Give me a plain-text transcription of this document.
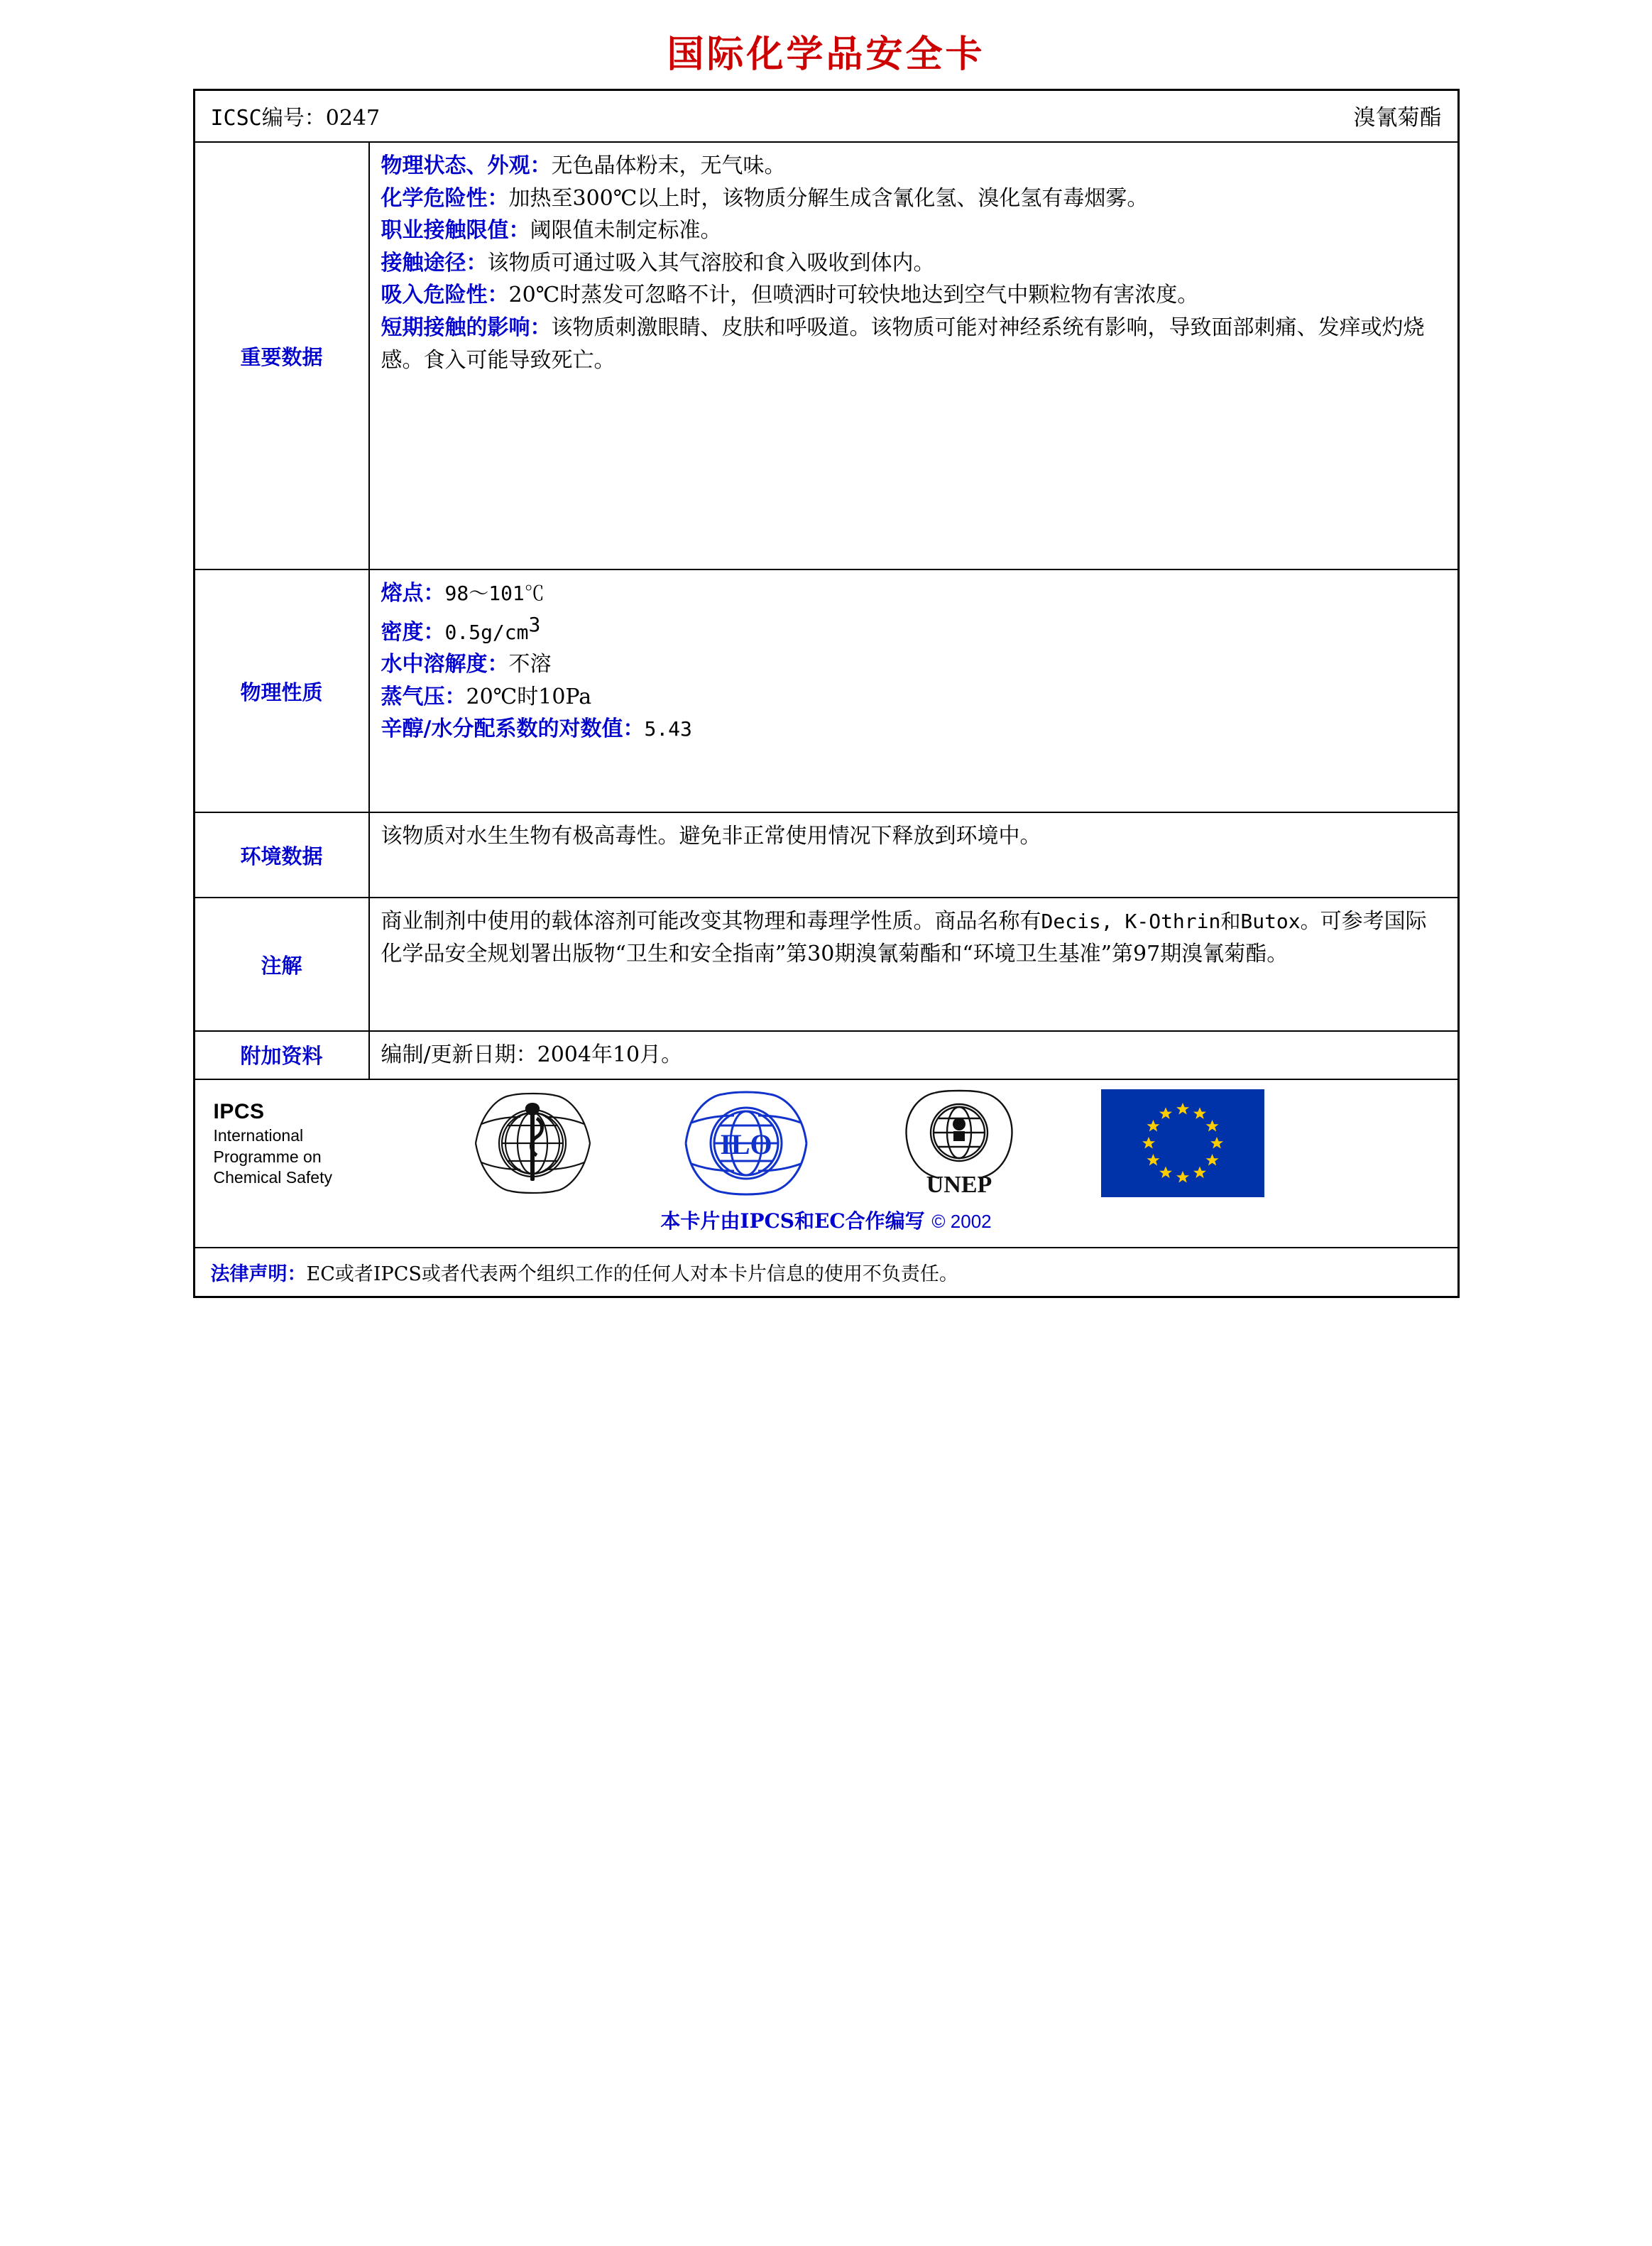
国际化学品安全卡
ICSC编号：0247	溴氰菊酯
重要数据
物理状态、外观：无色晶体粉末，无气味。
化学危险性：加热至300℃以上时，该物质分解生成含氰化氢、溴化氢有毒烟雾。
职业接触限值：阈限值未制定标准。
接触途径：该物质可通过吸入其气溶胶和食入吸收到体内。
吸入危险性：20℃时蒸发可忽略不计，但喷洒时可较快地达到空气中颗粒物有害浓度。
短期接触的影响：该物质刺激眼睛、皮肤和呼吸道。该物质可能对神经系统有影响，导致面部刺痛、发痒或灼烧感。食入可能导致死亡。
物理性质
熔点：98～101℃
密度：$0.5g/cm^3$
水中溶解度：不溶
蒸气压：20℃时10Pa
辛醇/水分配系数的对数值：5.43
环境数据
该物质对水生生物有极高毒性。避免非正常使用情况下释放到环境中。
注解
商业制剂中使用的载体溶剂可能改变其物理和毒理学性质。商品名称有Decis, K-Othrin和Butox。可参考国际化学品安全规划署出版物“卫生和安全指南”第30期溴氰菊酯和“环境卫生基准”第97期溴氰菊酯。
附加资料	编制/更新日期：2004年10月。
IPCS
International
Programme on
Chemical Safety
ILO
UNEP
本卡片由IPCS和EC合作编写 © 2002
法律声明：EC或者IPCS或者代表两个组织工作的任何人对本卡片信息的使用不负责任。
